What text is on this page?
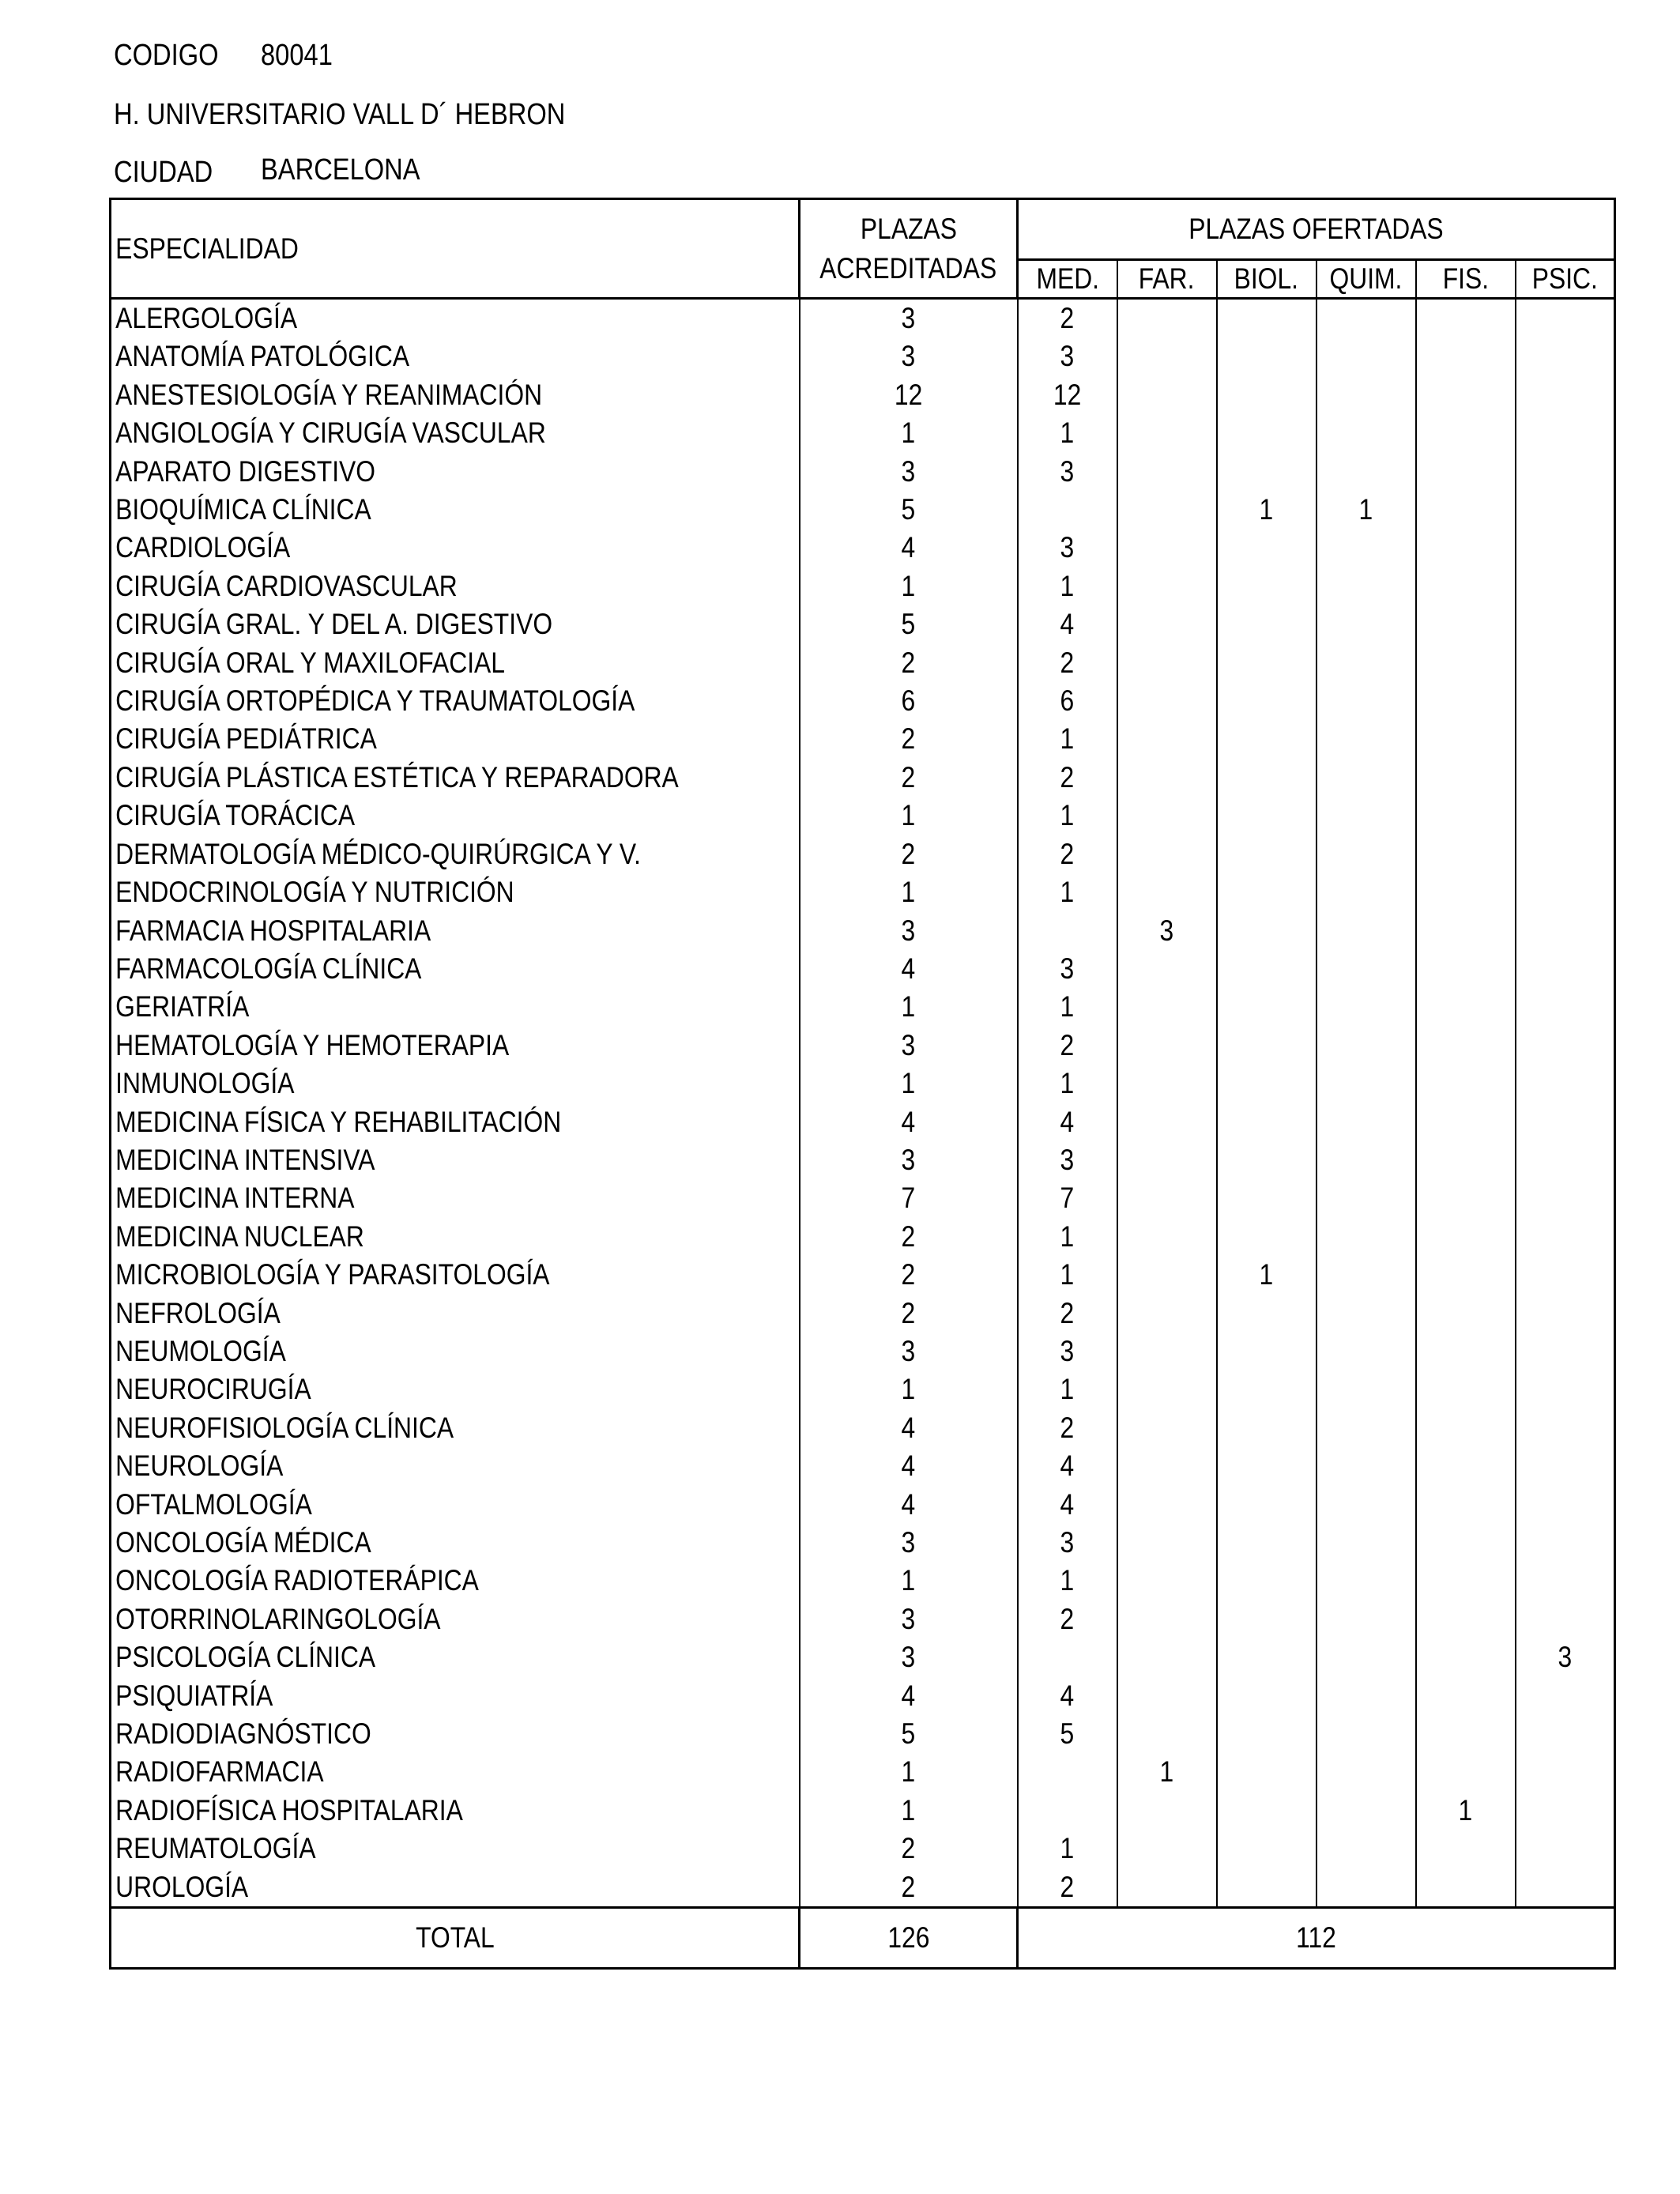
CODIGO 80041
H. UNIVERSITARIO VALL D´ HEBRON
CIUDAD BARCELONA
ESPECIALIDAD	PLAZAS
ACREDITADAS	PLAZAS OFERTADAS					
		MED.	FAR.	BIOL.	QUIM.	FIS.	PSIC.
ALERGOLOGÍA	3	2					
ANATOMÍA PATOLÓGICA	3	3					
ANESTESIOLOGÍA Y REANIMACIÓN	12	12					
ANGIOLOGÍA Y CIRUGÍA VASCULAR	1	1					
APARATO DIGESTIVO	3	3					
BIOQUÍMICA CLÍNICA	5			1	1		
CARDIOLOGÍA	4	3					
CIRUGÍA CARDIOVASCULAR	1	1					
CIRUGÍA GRAL. Y DEL A. DIGESTIVO	5	4					
CIRUGÍA ORAL Y MAXILOFACIAL	2	2					
CIRUGÍA ORTOPÉDICA Y TRAUMATOLOGÍA	6	6					
CIRUGÍA PEDIÁTRICA	2	1					
CIRUGÍA PLÁSTICA ESTÉTICA Y REPARADORA	2	2					
CIRUGÍA TORÁCICA	1	1					
DERMATOLOGÍA MÉDICO-QUIRÚRGICA Y V.	2	2					
ENDOCRINOLOGÍA Y NUTRICIÓN	1	1					
FARMACIA HOSPITALARIA	3		3				
FARMACOLOGÍA CLÍNICA	4	3					
GERIATRÍA	1	1					
HEMATOLOGÍA Y HEMOTERAPIA	3	2					
INMUNOLOGÍA	1	1					
MEDICINA FÍSICA Y REHABILITACIÓN	4	4					
MEDICINA INTENSIVA	3	3					
MEDICINA INTERNA	7	7					
MEDICINA NUCLEAR	2	1					
MICROBIOLOGÍA Y PARASITOLOGÍA	2	1		1			
NEFROLOGÍA	2	2					
NEUMOLOGÍA	3	3					
NEUROCIRUGÍA	1	1					
NEUROFISIOLOGÍA CLÍNICA	4	2					
NEUROLOGÍA	4	4					
OFTALMOLOGÍA	4	4					
ONCOLOGÍA MÉDICA	3	3					
ONCOLOGÍA RADIOTERÁPICA	1	1					
OTORRINOLARINGOLOGÍA	3	2					
PSICOLOGÍA CLÍNICA	3						3
PSIQUIATRÍA	4	4					
RADIODIAGNÓSTICO	5	5					
RADIOFARMACIA	1		1				
RADIOFÍSICA HOSPITALARIA	1					1	
REUMATOLOGÍA	2	1					
UROLOGÍA	2	2					
TOTAL	126	112					
